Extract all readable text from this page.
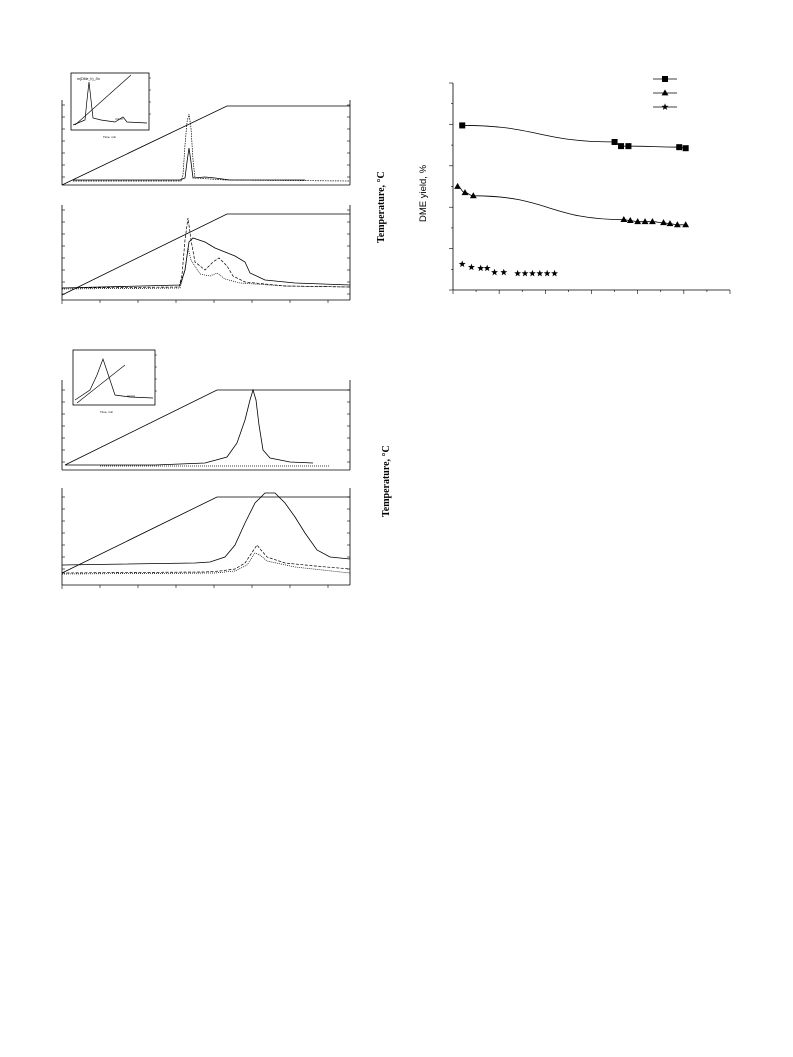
m(DMe_h)_Sn
Time, min
Temperature, °C
Time, min
Temperature, °C
DME yield, %
